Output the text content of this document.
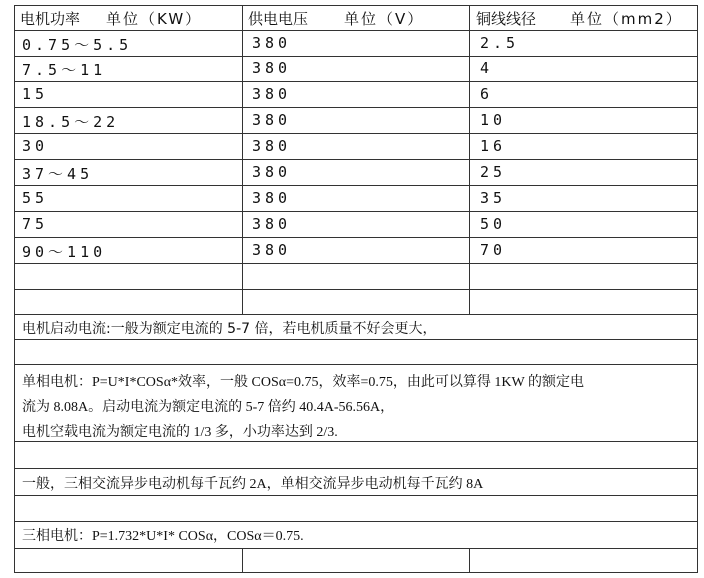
电机功率 单位（KW）	供电电压 单位（V）	铜线线径 单位（mm2）
0.75～5.5	380	2.5
7.5～11	380	4
15	380	6
18.5～22	380	10
30	380	16
37～45	380	25
55	380	35
75	380	50
90～110	380	70
电机启动电流:一般为额定电流的 5-7 倍，若电机质量不好会更大，
单相电机：P=U*I*COSα*效率，一般 COSα=0.75，效率=0.75，由此可以算得 1KW 的额定电
流为 8.08A。启动电流为额定电流的 5-7 倍约 40.4A-56.56A，
电机空载电流为额定电流的 1/3 多，小功率达到 2/3.
一般，三相交流异步电动机每千瓦约 2A，单相交流异步电动机每千瓦约 8A
三相电机：P=1.732*U*I* COSα，COSα＝0.75.
